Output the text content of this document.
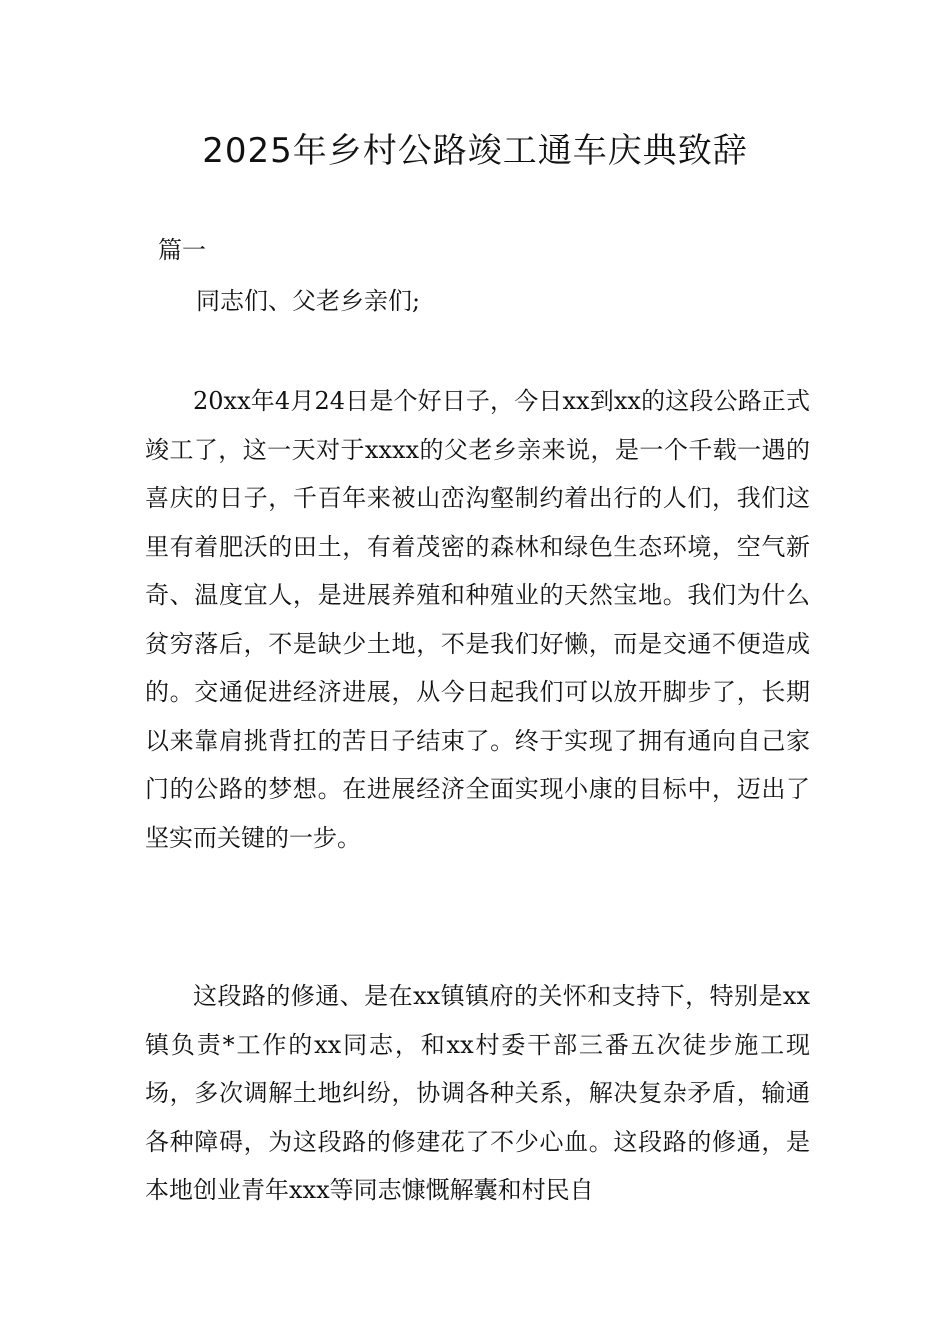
2025年乡村公路竣工通车庆典致辞
篇一
同志们、父老乡亲们;
20xx年4月24日是个好日子，今日xx到xx的这段公路正式竣工了，这一天对于xxxx的父老乡亲来说，是一个千载一遇的喜庆的日子，千百年来被山峦沟壑制约着出行的人们，我们这里有着肥沃的田土，有着茂密的森林和绿色生态环境，空气新奇、温度宜人，是进展养殖和种殖业的天然宝地。我们为什么贫穷落后，不是缺少土地，不是我们好懒，而是交通不便造成的。交通促进经济进展，从今日起我们可以放开脚步了，长期以来靠肩挑背扛的苦日子结束了。终于实现了拥有通向自己家门的公路的梦想。在进展经济全面实现小康的目标中，迈出了坚实而关键的一步。
这段路的修通、是在xx镇镇府的关怀和支持下，特别是xx镇负责*工作的xx同志，和xx村委干部三番五次徒步施工现场，多次调解土地纠纷，协调各种关系，解决复杂矛盾，输通各种障碍，为这段路的修建花了不少心血。这段路的修通，是本地创业青年xxx等同志慷慨解囊和村民自
